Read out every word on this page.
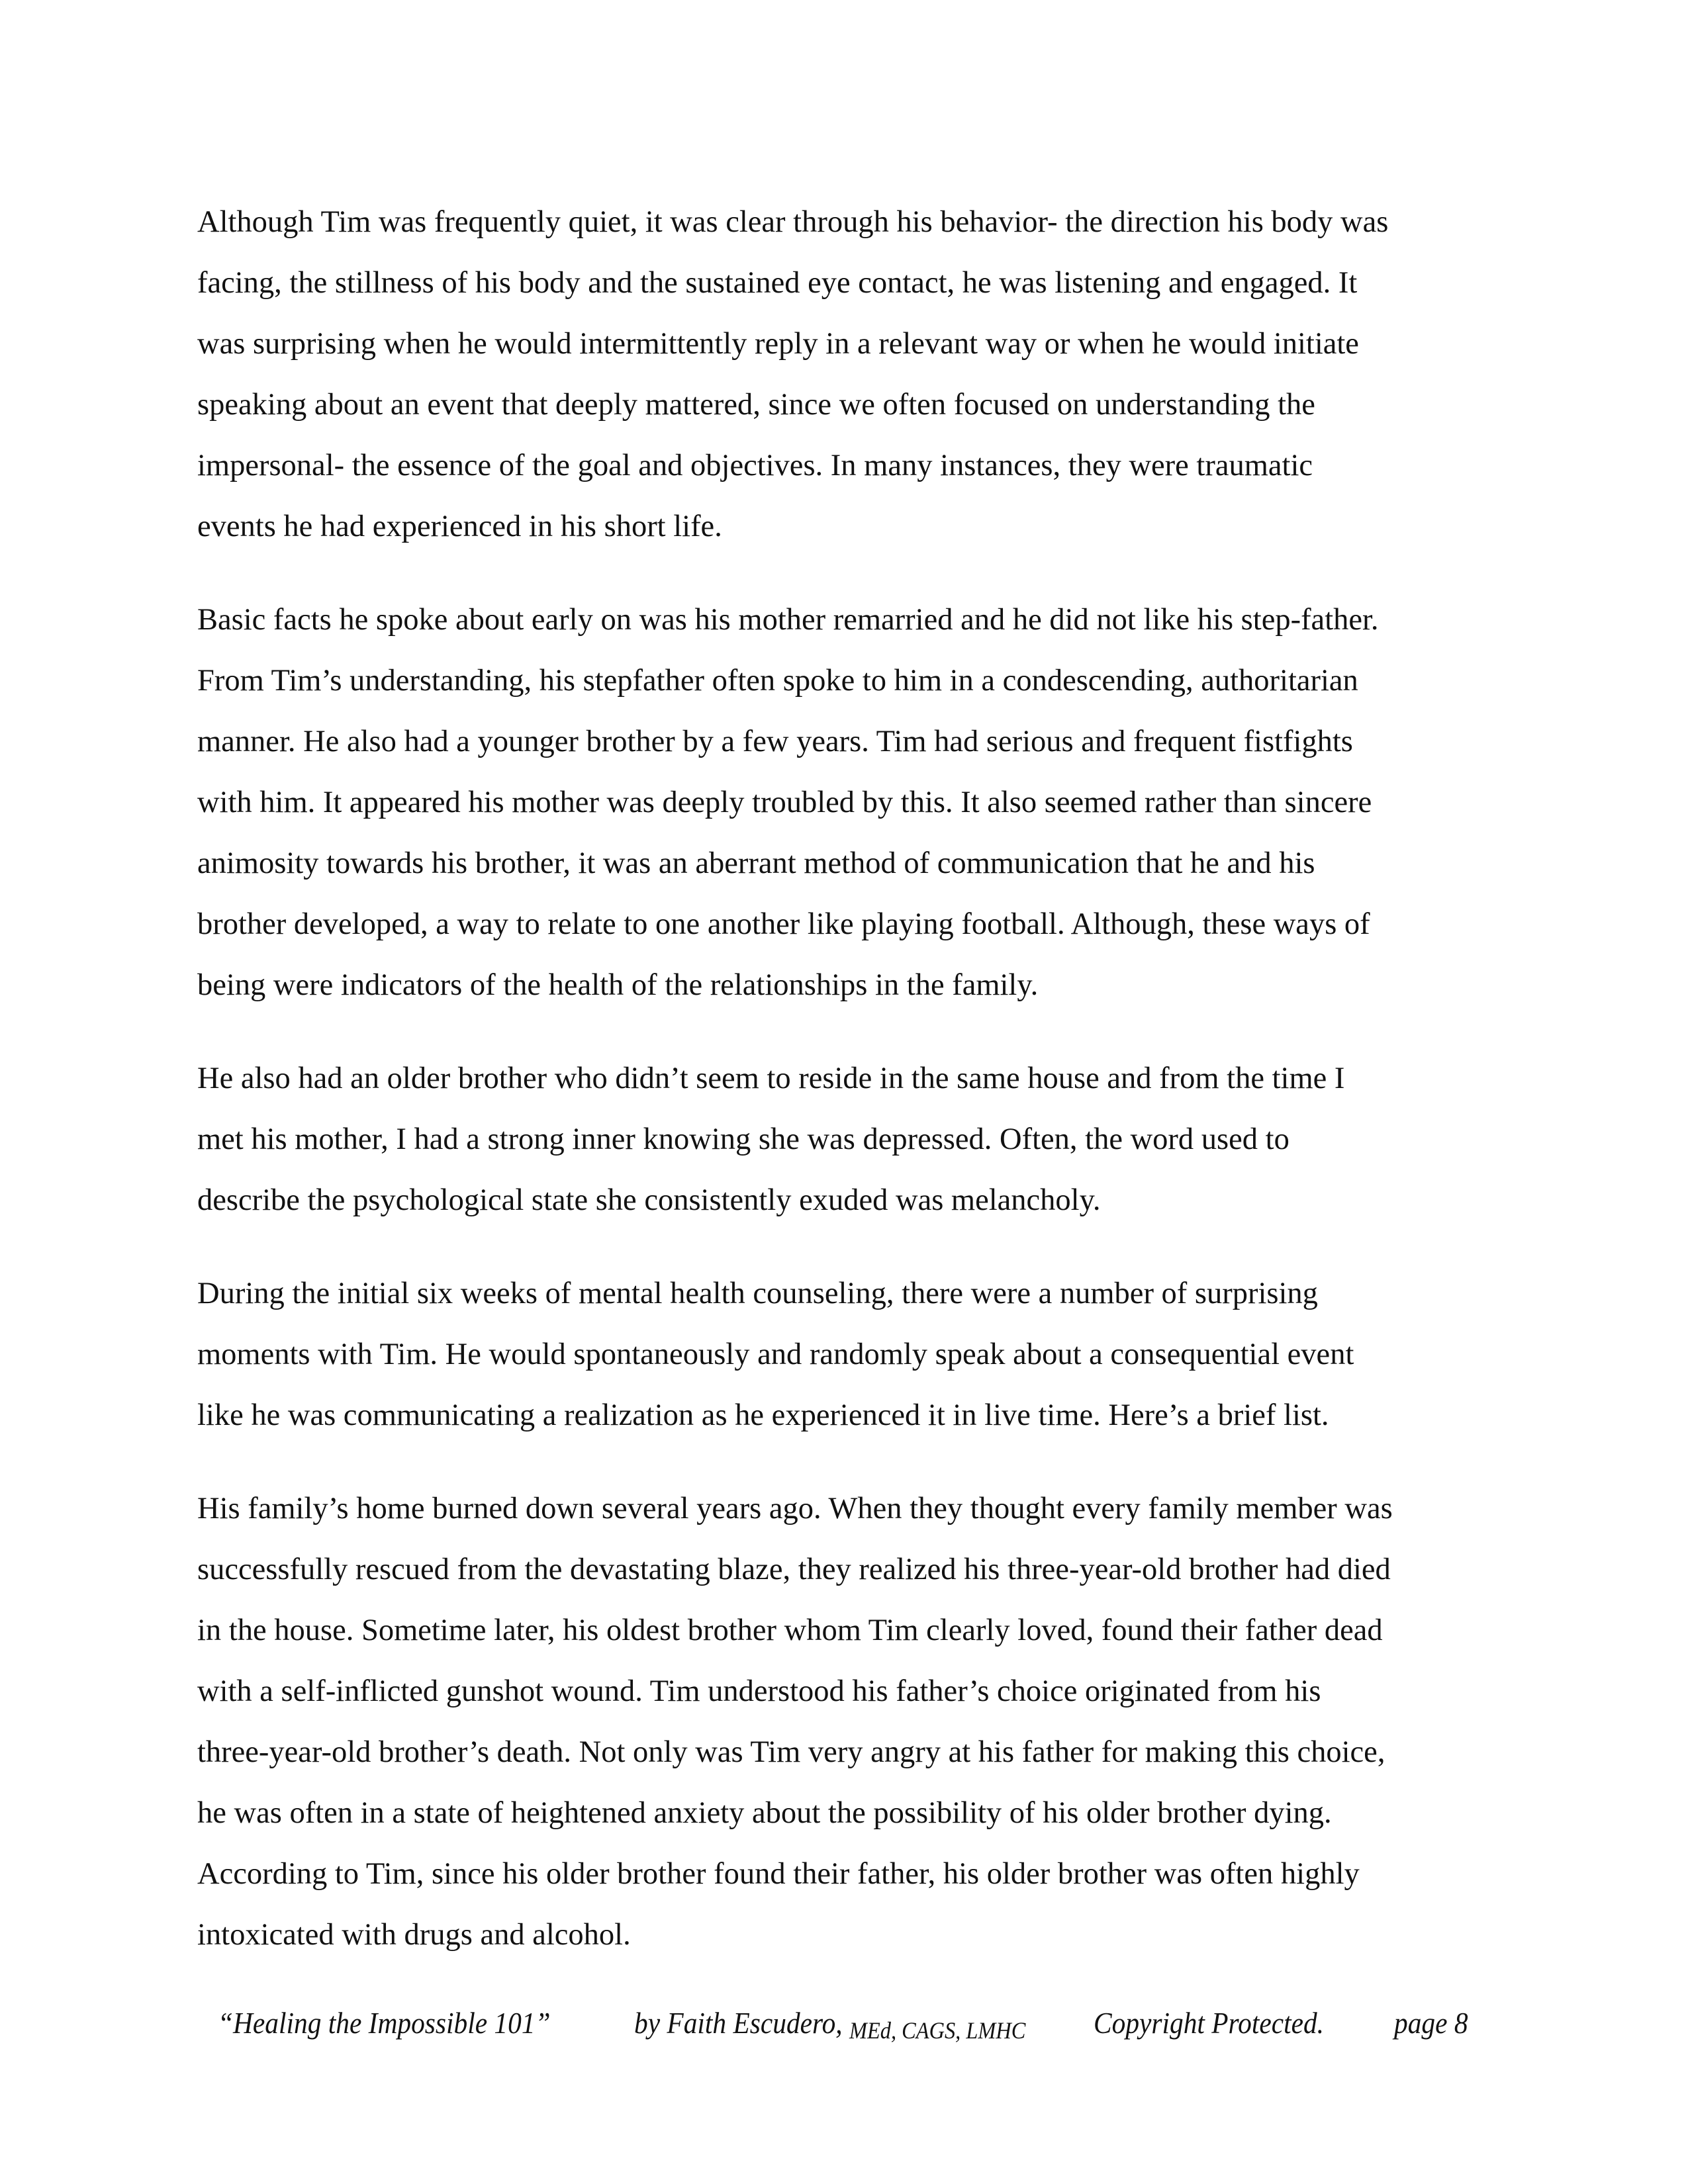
Although Tim was frequently quiet, it was clear through his behavior- the direction his body was
facing, the stillness of his body and the sustained eye contact, he was listening and engaged. It
was surprising when he would intermittently reply in a relevant way or when he would initiate
speaking about an event that deeply mattered, since we often focused on understanding the
impersonal- the essence of the goal and objectives. In many instances, they were traumatic
events he had experienced in his short life.

Basic facts he spoke about early on was his mother remarried and he did not like his step-father.
From Tim’s understanding, his stepfather often spoke to him in a condescending, authoritarian
manner. He also had a younger brother by a few years. Tim had serious and frequent fistfights
with him. It appeared his mother was deeply troubled by this. It also seemed rather than sincere
animosity towards his brother, it was an aberrant method of communication that he and his
brother developed, a way to relate to one another like playing football. Although, these ways of
being were indicators of the health of the relationships in the family.

He also had an older brother who didn’t seem to reside in the same house and from the time I
met his mother, I had a strong inner knowing she was depressed. Often, the word used to
describe the psychological state she consistently exuded was melancholy.

During the initial six weeks of mental health counseling, there were a number of surprising
moments with Tim. He would spontaneously and randomly speak about a consequential event
like he was communicating a realization as he experienced it in live time. Here’s a brief list.

His family’s home burned down several years ago. When they thought every family member was
successfully rescued from the devastating blaze, they realized his three-year-old brother had died
in the house. Sometime later, his oldest brother whom Tim clearly loved, found their father dead
with a self-inflicted gunshot wound. Tim understood his father’s choice originated from his
three-year-old brother’s death. Not only was Tim very angry at his father for making this choice,
he was often in a state of heightened anxiety about the possibility of his older brother dying.
According to Tim, since his older brother found their father, his older brother was often highly
intoxicated with drugs and alcohol.

“Healing the Impossible 101”	by Faith Escudero, MEd, CAGS, LMHC Copyright Protected. page 8
